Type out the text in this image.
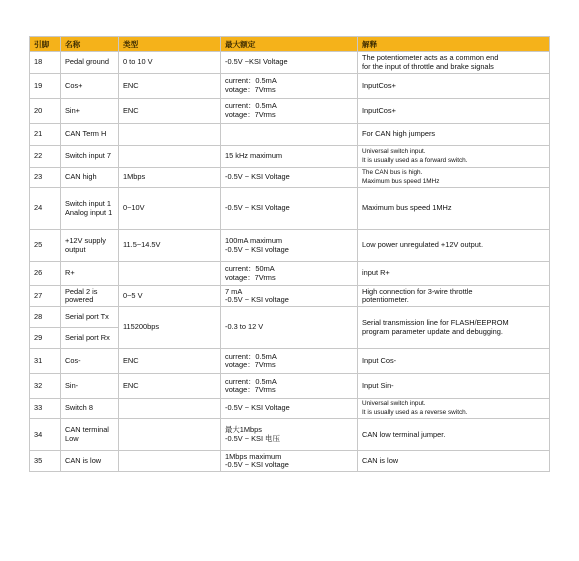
引脚	名称	类型	最大额定	解释
18	Pedal ground	0 to 10 V	-0.5V ~KSI Voltage	The potentiometer acts as a common end
for the input of throttle and brake signals

19	Cos+	ENC	current：0.5mA
votage：7Vrms	InputCos+

20	Sin+	ENC	current：0.5mA
votage：7Vrms	InputCos+

21	CAN Term H			For CAN high jumpers

22	Switch input 7		15 kHz maximum	Universal switch input.
It is usually used as a forward switch.

23	CAN high	1Mbps	-0.5V ~ KSI Voltage	The CAN bus is high.
Maximum bus speed 1MHz

24	Switch input 1 Analog input 1	0~10V	-0.5V ~ KSI Voltage	Maximum bus speed 1MHz

25	+12V supply output	11.5~14.5V	100mA maximum
-0.5V ~ KSI voltage	Low power unregulated +12V output.

26	R+		current：50mA
votage：7Vrms	input R+

27	Pedal 2 is powered	0~5 V	7 mA
-0.5V ~ KSI voltage	High connection for 3-wire throttle
potentiometer.

28	Serial port Tx	115200bps	-0.3 to 12 V	Serial transmission line for FLASH/EEPROM
program parameter update and debugging.

29	Serial port Rx			
31	Cos-	ENC	current：0.5mA
votage：7Vrms	Input Cos-

32	Sin-	ENC	current：0.5mA
votage：7Vrms	Input Sin-

33	Switch 8		-0.5V ~ KSI Voltage	Universal switch input.
It is usually used as a reverse switch.

34	CAN terminal Low		最大1Mbps
-0.5V ~ KSI 电压	CAN low terminal jumper.

35	CAN is low		1Mbps maximum
-0.5V ~ KSI voltage	CAN is low
